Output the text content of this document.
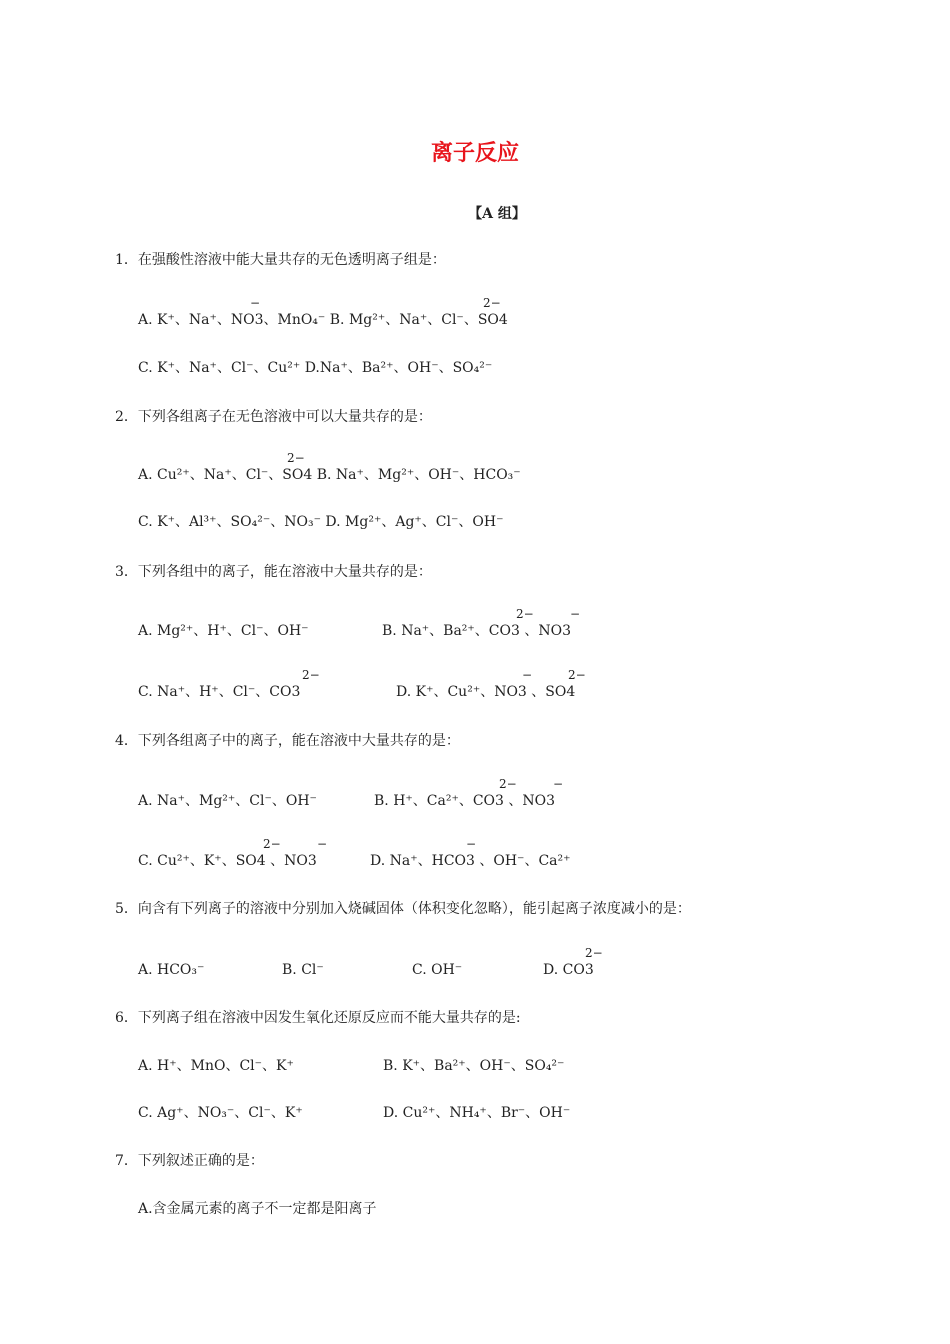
离子反应
【A 组】
1．在强酸性溶液中能大量共存的无色透明离子组是：
A. K⁺、Na⁺、NO3、MnO₄⁻ B. Mg²⁺、Na⁺、Cl⁻、SO4
C. K⁺、Na⁺、Cl⁻、Cu²⁺ D.Na⁺、Ba²⁺、OH⁻、SO₄²⁻
2．下列各组离子在无色溶液中可以大量共存的是：
A. Cu²⁺、Na⁺、Cl⁻、SO4 B. Na⁺、Mg²⁺、OH⁻、HCO₃⁻
C. K⁺、Al³⁺、SO₄²⁻、NO₃⁻ D. Mg²⁺、Ag⁺、Cl⁻、OH⁻
3．下列各组中的离子，能在溶液中大量共存的是：
A. Mg²⁺、H⁺、Cl⁻、OH⁻	B. Na⁺、Ba²⁺、CO3 、NO3
C. Na⁺、H⁺、Cl⁻、CO3	D. K⁺、Cu²⁺、NO3 、SO4
4．下列各组离子中的离子，能在溶液中大量共存的是：
A. Na⁺、Mg²⁺、Cl⁻、OH⁻	B. H⁺、Ca²⁺、CO3 、NO3
C. Cu²⁺、K⁺、SO4 、NO3	D. Na⁺、HCO3 、OH⁻、Ca²⁺
5．向含有下列离子的溶液中分别加入烧碱固体（体积变化忽略），能引起离子浓度减小的是：
A. HCO₃⁻	B. Cl⁻	C. OH⁻	D. CO3
6．下列离子组在溶液中因发生氧化还原反应而不能大量共存的是:
A. H⁺、MnO、Cl⁻、K⁺	B. K⁺、Ba²⁺、OH⁻、SO₄²⁻
C. Ag⁺、NO₃⁻、Cl⁻、K⁺	D. Cu²⁺、NH₄⁺、Br⁻、OH⁻
7．下列叙述正确的是：
A.含金属元素的离子不一定都是阳离子
−	2−
2−
2−	−
2−	−	2−
2−	−
2−	−	−
2−
